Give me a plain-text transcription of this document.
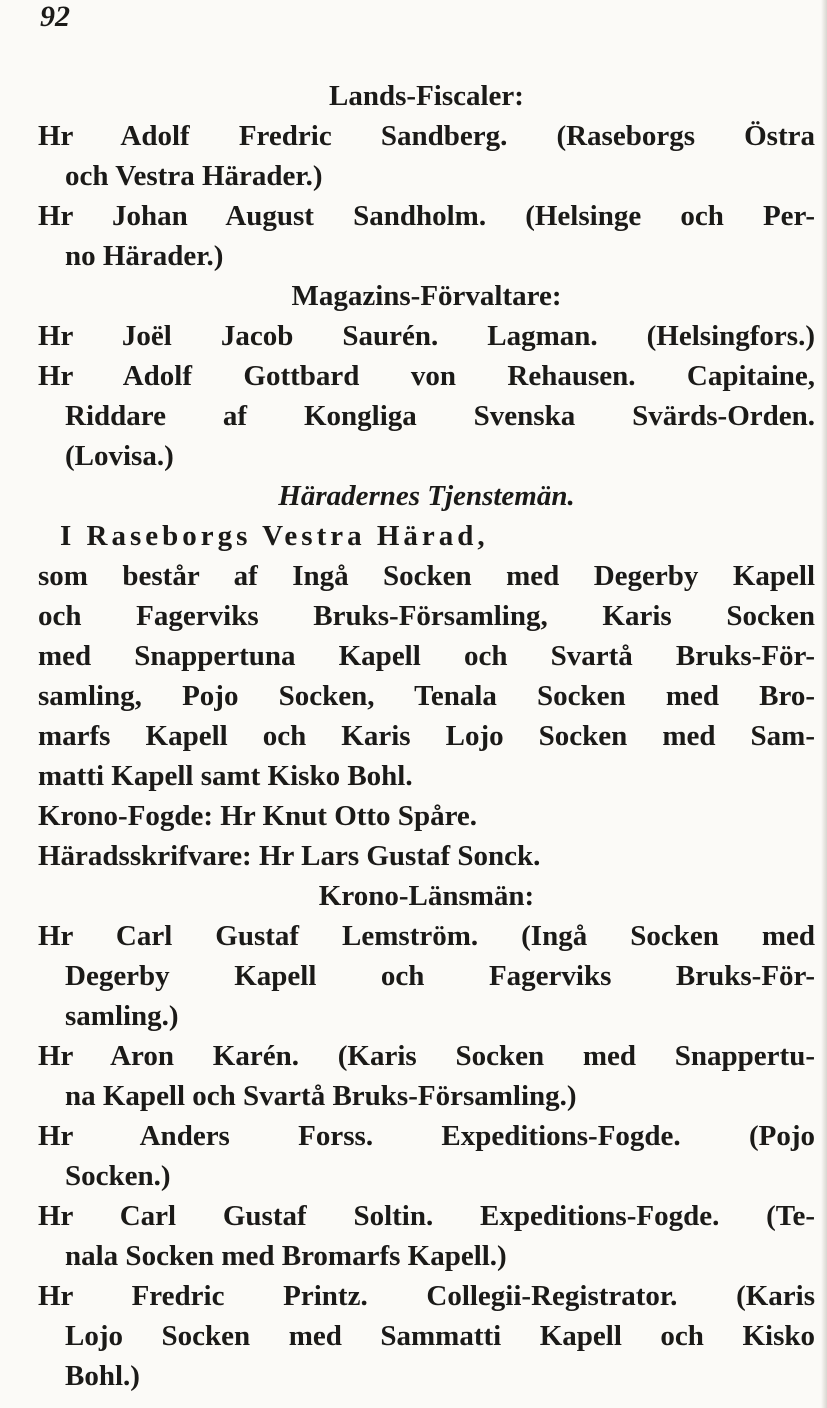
92
Lands-Fiscaler:
Hr Adolf Fredric Sandberg. (Raseborgs Östra
och Vestra Härader.)
Hr Johan August Sandholm. (Helsinge och Per-
no Härader.)
Magazins-Förvaltare:
Hr Joël Jacob Saurén. Lagman. (Helsingfors.)
Hr Adolf Gottbard von Rehausen. Capitaine,
Riddare af Kongliga Svenska Svärds-Orden.
(Lovisa.)
Häradernes Tjenstemän.
I Raseborgs Vestra Härad,
som består af Ingå Socken med Degerby Kapell
och Fagerviks Bruks-Församling, Karis Socken
med Snappertuna Kapell och Svartå Bruks-För-
samling, Pojo Socken, Tenala Socken med Bro-
marfs Kapell och Karis Lojo Socken med Sam-
matti Kapell samt Kisko Bohl.
Krono-Fogde: Hr Knut Otto Spåre.
Häradsskrifvare: Hr Lars Gustaf Sonck.
Krono-Länsmän:
Hr Carl Gustaf Lemström. (Ingå Socken med
Degerby Kapell och Fagerviks Bruks-För-
samling.)
Hr Aron Karén. (Karis Socken med Snappertu-
na Kapell och Svartå Bruks-Församling.)
Hr Anders Forss. Expeditions-Fogde. (Pojo
Socken.)
Hr Carl Gustaf Soltin. Expeditions-Fogde. (Te-
nala Socken med Bromarfs Kapell.)
Hr Fredric Printz. Collegii-Registrator. (Karis
Lojo Socken med Sammatti Kapell och Kisko
Bohl.)
